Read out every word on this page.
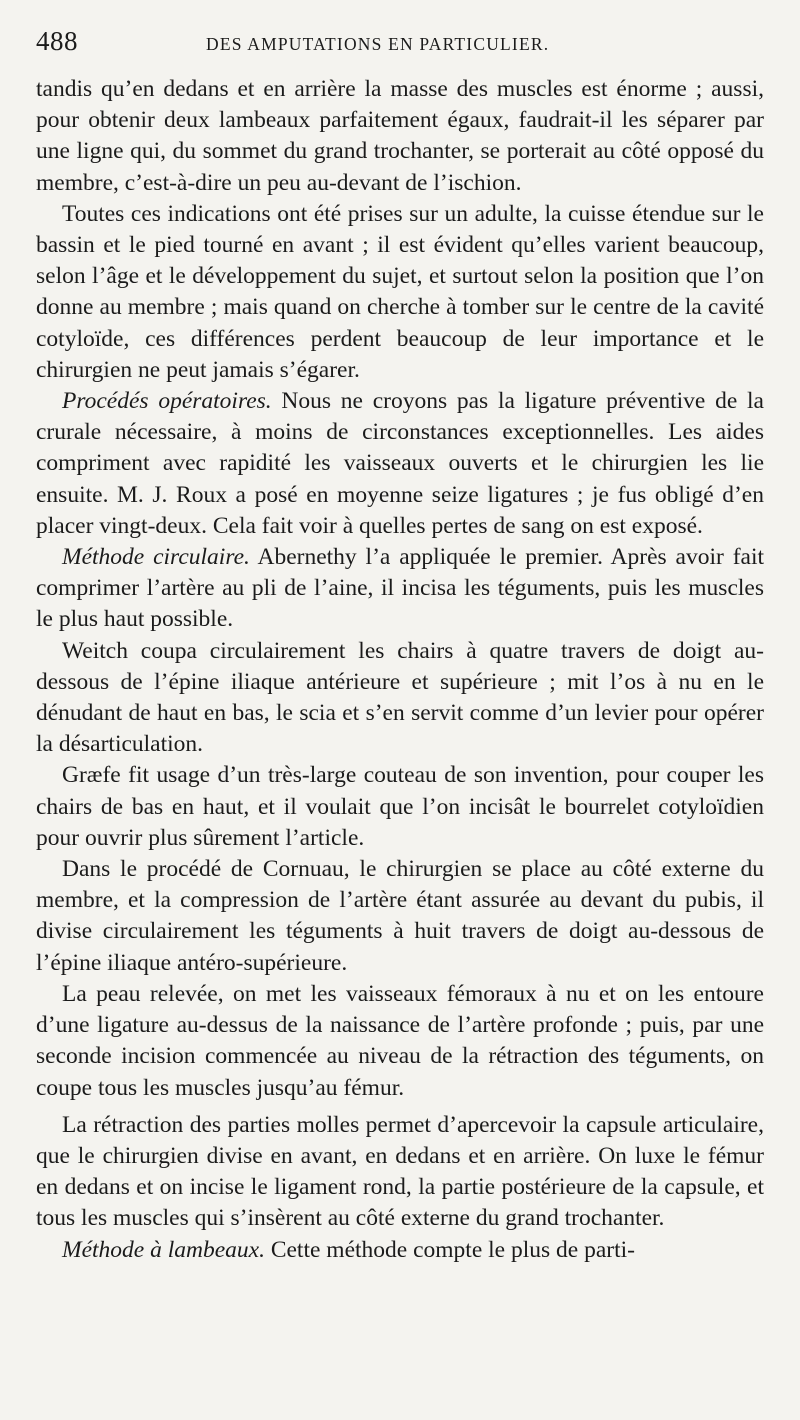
488	DES AMPUTATIONS EN PARTICULIER.

tandis qu’en dedans et en arrière la masse des muscles est énorme ; aussi, pour obtenir deux lambeaux parfaitement égaux, faudrait-il les séparer par une ligne qui, du sommet du grand trochanter, se porterait au côté opposé du membre, c’est-à-dire un peu au-devant de l’ischion.

Toutes ces indications ont été prises sur un adulte, la cuisse étendue sur le bassin et le pied tourné en avant ; il est évident qu’elles varient beaucoup, selon l’âge et le développement du sujet, et surtout selon la position que l’on donne au membre ; mais quand on cherche à tomber sur le centre de la cavité cotyloïde, ces différences perdent beaucoup de leur importance et le chirurgien ne peut jamais s’égarer.

Procédés opératoires. Nous ne croyons pas la ligature préventive de la crurale nécessaire, à moins de circonstances exceptionnelles. Les aides compriment avec rapidité les vaisseaux ouverts et le chirurgien les lie ensuite. M. J. Roux a posé en moyenne seize ligatures ; je fus obligé d’en placer vingt-deux. Cela fait voir à quelles pertes de sang on est exposé.

Méthode circulaire. Abernethy l’a appliquée le premier. Après avoir fait comprimer l’artère au pli de l’aine, il incisa les téguments, puis les muscles le plus haut possible.

Weitch coupa circulairement les chairs à quatre travers de doigt au-dessous de l’épine iliaque antérieure et supérieure ; mit l’os à nu en le dénudant de haut en bas, le scia et s’en servit comme d’un levier pour opérer la désarticulation.

Græfe fit usage d’un très-large couteau de son invention, pour couper les chairs de bas en haut, et il voulait que l’on incisât le bourrelet cotyloïdien pour ouvrir plus sûrement l’article.

Dans le procédé de Cornuau, le chirurgien se place au côté externe du membre, et la compression de l’artère étant assurée au devant du pubis, il divise circulairement les téguments à huit travers de doigt au-dessous de l’épine iliaque antéro-supérieure.

La peau relevée, on met les vaisseaux fémoraux à nu et on les entoure d’une ligature au-dessus de la naissance de l’artère profonde ; puis, par une seconde incision commencée au niveau de la rétraction des téguments, on coupe tous les muscles jusqu’au fémur.

La rétraction des parties molles permet d’apercevoir la capsule articulaire, que le chirurgien divise en avant, en dedans et en arrière. On luxe le fémur en dedans et on incise le ligament rond, la partie postérieure de la capsule, et tous les muscles qui s’insèrent au côté externe du grand trochanter.

Méthode à lambeaux. Cette méthode compte le plus de parti-
